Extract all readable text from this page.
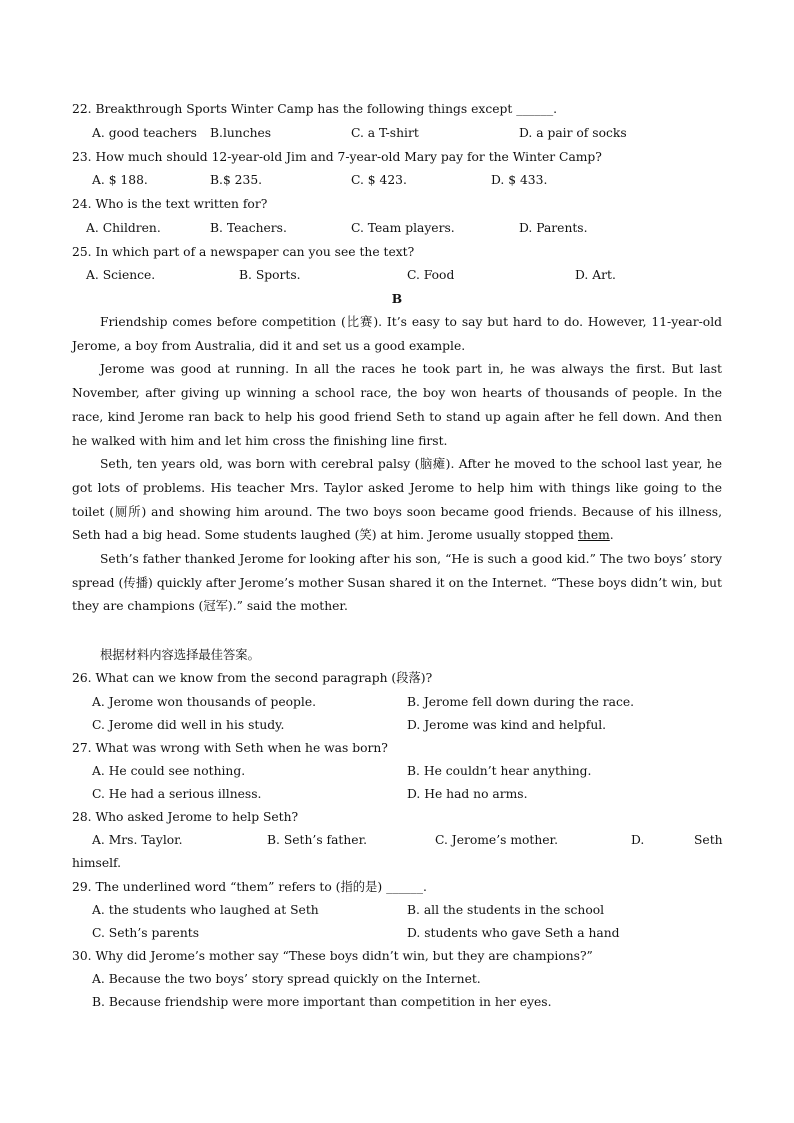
22. Breakthrough Sports Winter Camp has the following things except ______.
A. good teachers B.lunches	C. a T-shirt	D. a pair of socks
23. How much should 12-year-old Jim and 7-year-old Mary pay for the Winter Camp?
A. $ 188.	B.$ 235.	C. $ 423.	D. $ 433.
24. Who is the text written for?
A. Children.	B. Teachers.	C. Team players.	D. Parents.
25. In which part of a newspaper can you see the text?
A. Science.	B. Sports.	C. Food	D. Art.
B

Friendship comes before competition (比赛). It’s easy to say but hard to do. However, 11-year-old Jerome, a boy from Australia, did it and set us a good example.

Jerome was good at running. In all the races he took part in, he was always the first. But last November, after giving up winning a school race, the boy won hearts of thousands of people. In the race, kind Jerome ran back to help his good friend Seth to stand up again after he fell down. And then he walked with him and let him cross the finishing line first.

Seth, ten years old, was born with cerebral palsy (脑瘫). After he moved to the school last year, he got lots of problems. His teacher Mrs. Taylor asked Jerome to help him with things like going to the toilet (厕所) and showing him around. The two boys soon became good friends. Because of his illness, Seth had a big head. Some students laughed (笑) at him. Jerome usually stopped them.

Seth’s father thanked Jerome for looking after his son, “He is such a good kid.” The two boys’ story spread (传播) quickly after Jerome’s mother Susan shared it on the Internet. “These boys didn’t win, but they are champions (冠军).” said the mother.

根据材料内容选择最佳答案。
26. What can we know from the second paragraph (段落)?
A. Jerome won thousands of people.	B. Jerome fell down during the race.
C. Jerome did well in his study.	D. Jerome was kind and helpful.
27. What was wrong with Seth when he was born?
A. He could see nothing.	B. He couldn’t hear anything.
C. He had a serious illness.	D. He had no arms.
28. Who asked Jerome to help Seth?
A. Mrs. Taylor.	B. Seth’s father.	C. Jerome’s mother.	D.	Seth
himself.
29. The underlined word “them” refers to (指的是) ______.
A. the students who laughed at Seth	B. all the students in the school
C. Seth’s parents	D. students who gave Seth a hand
30. Why did Jerome’s mother say “These boys didn’t win, but they are champions?”
A. Because the two boys’ story spread quickly on the Internet.
B. Because friendship were more important than competition in her eyes.
